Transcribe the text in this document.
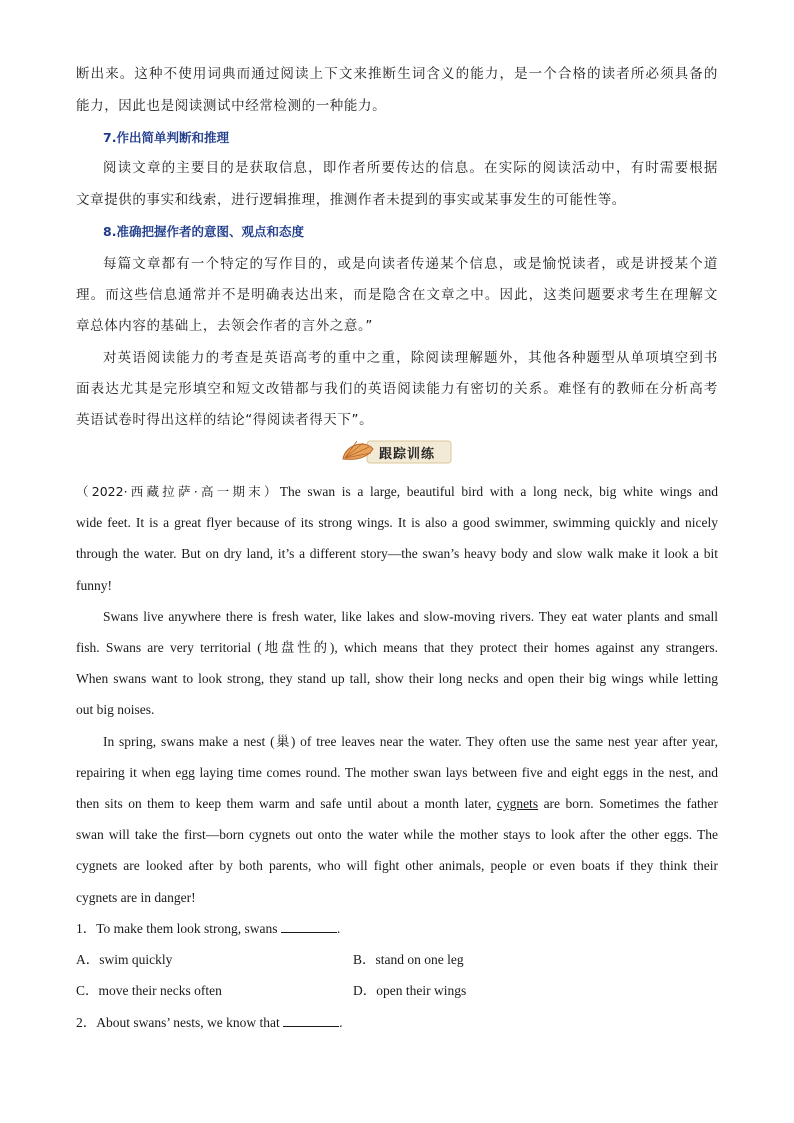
断出来。这种不使用词典而通过阅读上下文来推断生词含义的能力，是一个合格的读者所必须具备的
能力，因此也是阅读测试中经常检测的一种能力。
7.作出简单判断和推理
阅读文章的主要目的是获取信息，即作者所要传达的信息。在实际的阅读活动中，有时需要根据
文章提供的事实和线索，进行逻辑推理，推测作者未提到的事实或某事发生的可能性等。
8.准确把握作者的意图、观点和态度
每篇文章都有一个特定的写作目的，或是向读者传递某个信息，或是愉悦读者，或是讲授某个道
理。而这些信息通常并不是明确表达出来，而是隐含在文章之中。因此，这类问题要求考生在理解文
章总体内容的基础上，去领会作者的言外之意。”
对英语阅读能力的考查是英语高考的重中之重，除阅读理解题外，其他各种题型从单项填空到书
面表达尤其是完形填空和短文改错都与我们的英语阅读能力有密切的关系。难怪有的教师在分析高考
英语试卷时得出这样的结论“得阅读者得天下”。
跟踪训练
（2022·西藏拉萨·高一期末）The swan is a large, beautiful bird with a long neck, big white wings and
wide feet. It is a great flyer because of its strong wings. It is also a good swimmer, swimming quickly and nicely
through the water. But on dry land, it’s a different story—the swan’s heavy body and slow walk make it look a bit
funny!
Swans live anywhere there is fresh water, like lakes and slow-moving rivers. They eat water plants and small
fish. Swans are very territorial (地盘性的), which means that they protect their homes against any strangers.
When swans want to look strong, they stand up tall, show their long necks and open their big wings while letting
out big noises.
In spring, swans make a nest (巢) of tree leaves near the water. They often use the same nest year after year,
repairing it when egg laying time comes round. The mother swan lays between five and eight eggs in the nest, and
then sits on them to keep them warm and safe until about a month later, cygnets are born. Sometimes the father
swan will take the first—born cygnets out onto the water while the mother stays to look after the other eggs. The
cygnets are looked after by both parents, who will fight other animals, people or even boats if they think their
cygnets are in danger!
1．To make them look strong, swans	.
A．swim quickly	B．stand on one leg
C．move their necks often	D．open their wings
2．About swans’ nests, we know that	.
